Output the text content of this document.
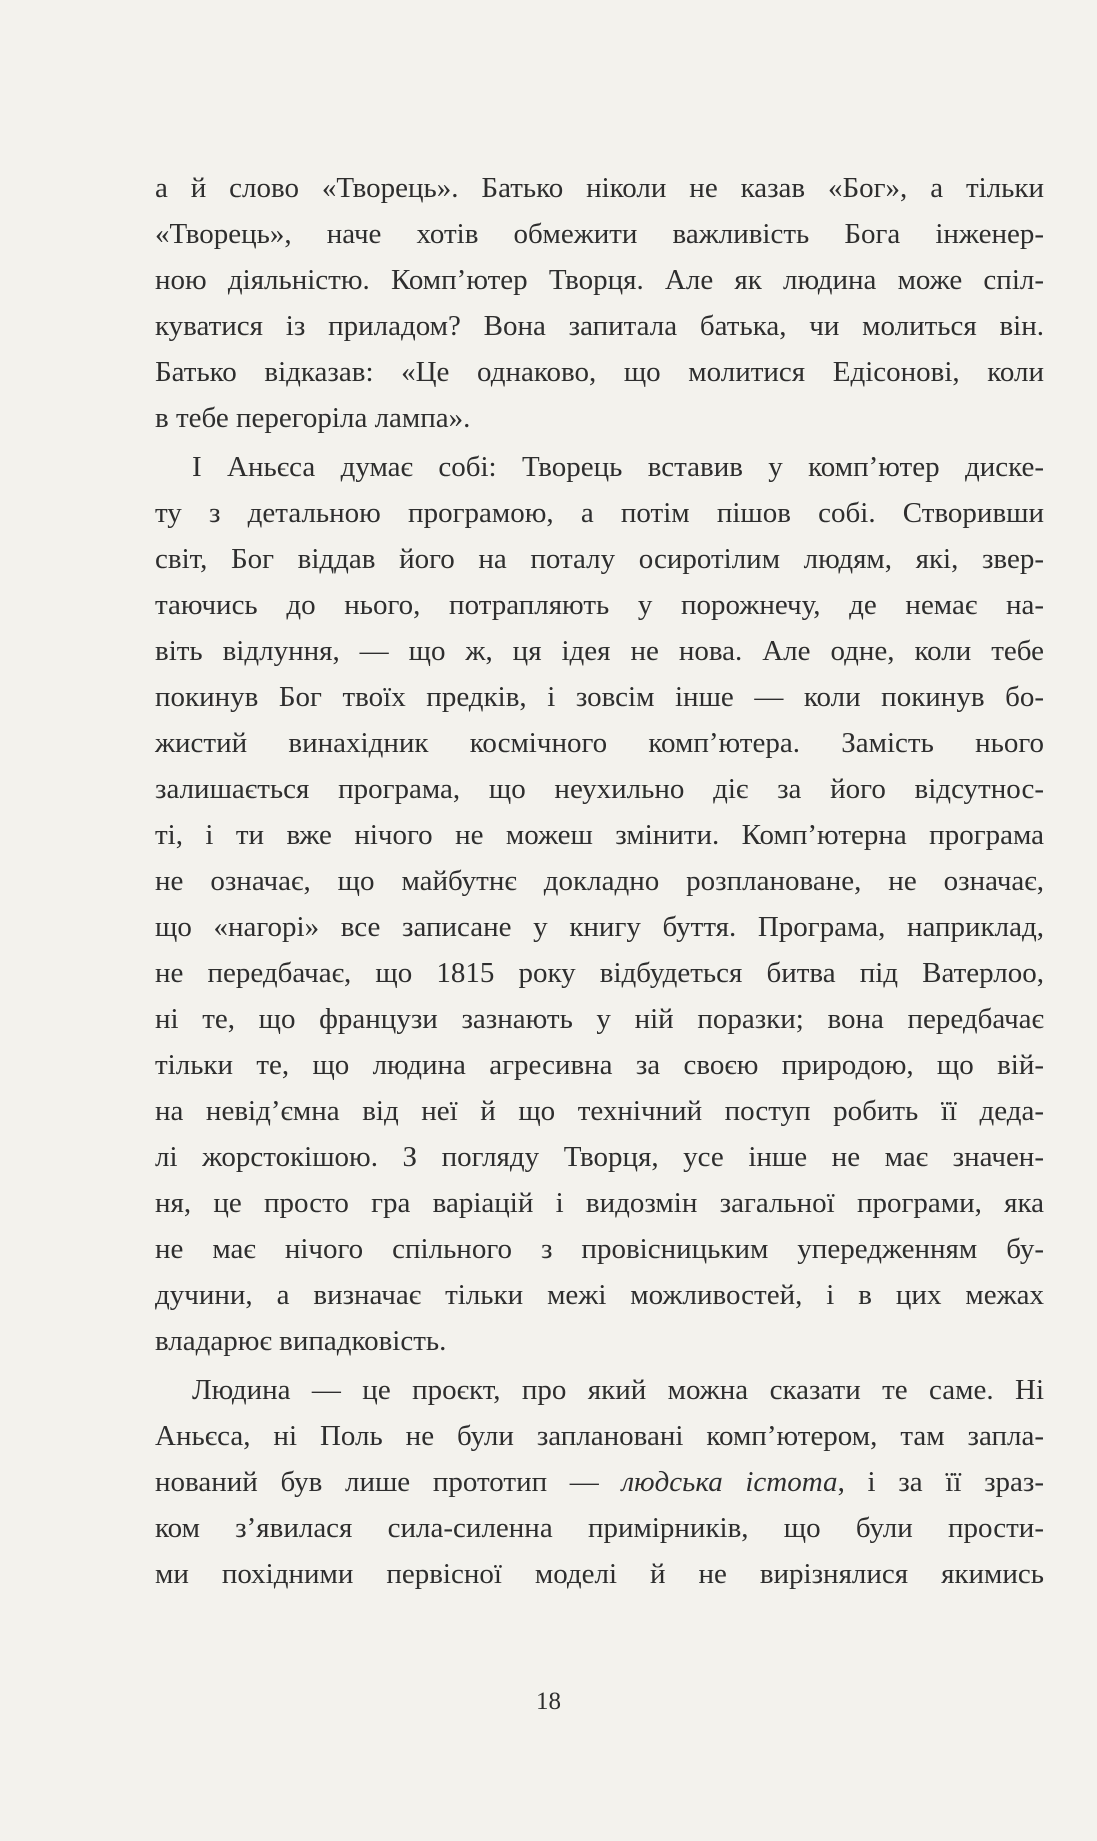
а й слово «Творець». Батько ніколи не казав «Бог», а тільки
«Творець», наче хотів обмежити важливість Бога інженер-
ною діяльністю. Комп’ютер Творця. Але як людина може спіл-
куватися із приладом? Вона запитала батька, чи молиться він.
Батько відказав: «Це однаково, що молитися Едісонові, коли
в тебе перегоріла лампа».
І Аньєса думає собі: Творець вставив у комп’ютер диске-
ту з детальною програмою, а потім пішов собі. Створивши
світ, Бог віддав його на поталу осиротілим людям, які, звер-
таючись до нього, потрапляють у порожнечу, де немає на-
віть відлуння, — що ж, ця ідея не нова. Але одне, коли тебе
покинув Бог твоїх предків, і зовсім інше — коли покинув бо-
жистий винахідник космічного комп’ютера. Замість нього
залишається програма, що неухильно діє за його відсутнос-
ті, і ти вже нічого не можеш змінити. Комп’ютерна програма
не означає, що майбутнє докладно розплановане, не означає,
що «нагорі» все записане у книгу буття. Програма, наприклад,
не передбачає, що 1815 року відбудеться битва під Ватерлоо,
ні те, що французи зазнають у ній поразки; вона передбачає
тільки те, що людина агресивна за своєю природою, що вій-
на невід’ємна від неї й що технічний поступ робить її деда-
лі жорстокішою. З погляду Творця, усе інше не має значен-
ня, це просто гра варіацій і видозмін загальної програми, яка
не має нічого спільного з провісницьким упередженням бу-
дучини, а визначає тільки межі можливостей, і в цих межах
владарює випадковість.
Людина — це проєкт, про який можна сказати те саме. Ні
Аньєса, ні Поль не були заплановані комп’ютером, там запла-
нований був лише прототип — людська істота, і за її зраз-
ком з’явилася сила-силенна примірників, що були прости-
ми похідними первісної моделі й не вирізнялися якимись
18
